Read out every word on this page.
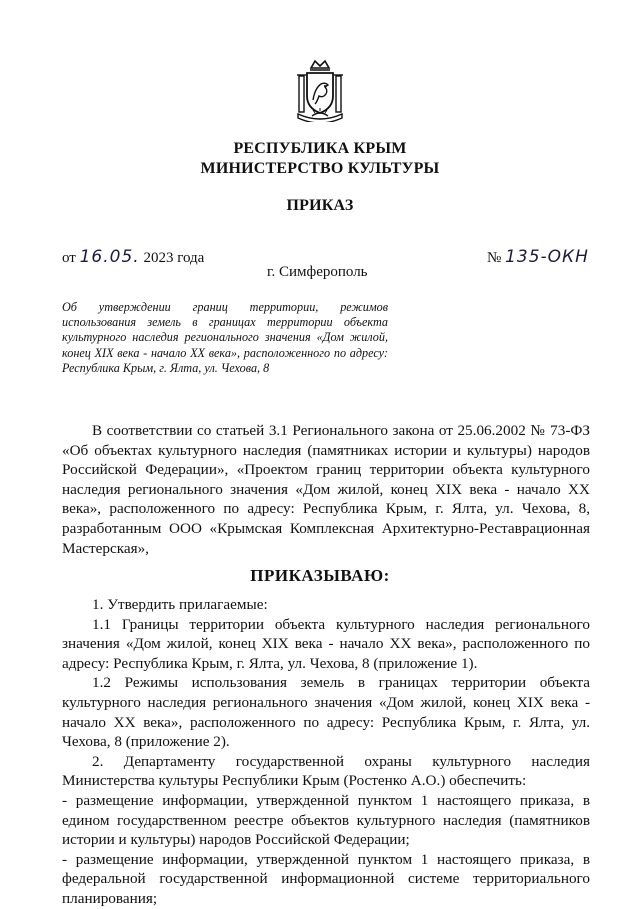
РЕСПУБЛИКА КРЫМ
МИНИСТЕРСТВО КУЛЬТУРЫ
ПРИКАЗ
от 16.05. 2023 года	№ 135-ОКН
г. Симферополь
Об утверждении границ территории, режимов использования земель в границах территории объекта культурного наследия регионального значения «Дом жилой, конец XIX века - начало XX века», расположенного по адресу: Республика Крым, г. Ялта, ул. Чехова, 8

В соответствии со статьей 3.1 Регионального закона от 25.06.2002 № 73-ФЗ «Об объектах культурного наследия (памятниках истории и культуры) народов Российской Федерации», «Проектом границ территории объекта культурного наследия регионального значения «Дом жилой, конец XIX века - начало XX века», расположенного по адресу: Республика Крым, г. Ялта, ул. Чехова, 8, разработанным ООО «Крымская Комплексная Архитектурно-Реставрационная Мастерская»,

ПРИКАЗЫВАЮ:

1. Утвердить прилагаемые:

1.1 Границы территории объекта культурного наследия регионального значения «Дом жилой, конец XIX века - начало XX века», расположенного по адресу: Республика Крым, г. Ялта, ул. Чехова, 8 (приложение 1).

1.2 Режимы использования земель в границах территории объекта культурного наследия регионального значения «Дом жилой, конец XIX века - начало XX века», расположенного по адресу: Республика Крым, г. Ялта, ул. Чехова, 8 (приложение 2).

2. Департаменту государственной охраны культурного наследия Министерства культуры Республики Крым (Ростенко А.О.) обеспечить:

- размещение информации, утвержденной пунктом 1 настоящего приказа, в едином государственном реестре объектов культурного наследия (памятников истории и культуры) народов Российской Федерации;

- размещение информации, утвержденной пунктом 1 настоящего приказа, в федеральной государственной информационной системе территориального планирования;
